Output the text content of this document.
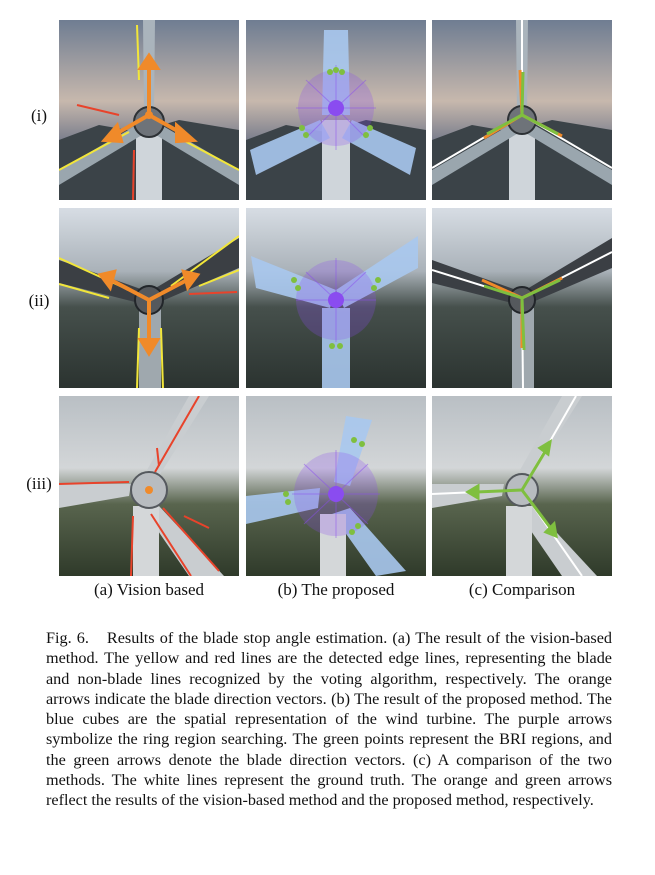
(i)
(ii)
(iii)
(a) Vision based	(b) The proposed	(c) Comparison
Fig. 6. Results of the blade stop angle estimation. (a) The result of the vision-based method. The yellow and red lines are the detected edge lines, representing the blade and non-blade lines recognized by the voting algorithm, respectively. The orange arrows indicate the blade direction vectors. (b) The result of the proposed method. The blue cubes are the spatial representation of the wind turbine. The purple arrows symbolize the ring region searching. The green points represent the BRI regions, and the green arrows denote the blade direction vectors. (c) A comparison of the two methods. The white lines represent the ground truth. The orange and green arrows reflect the results of the vision-based method and the proposed method, respectively.
